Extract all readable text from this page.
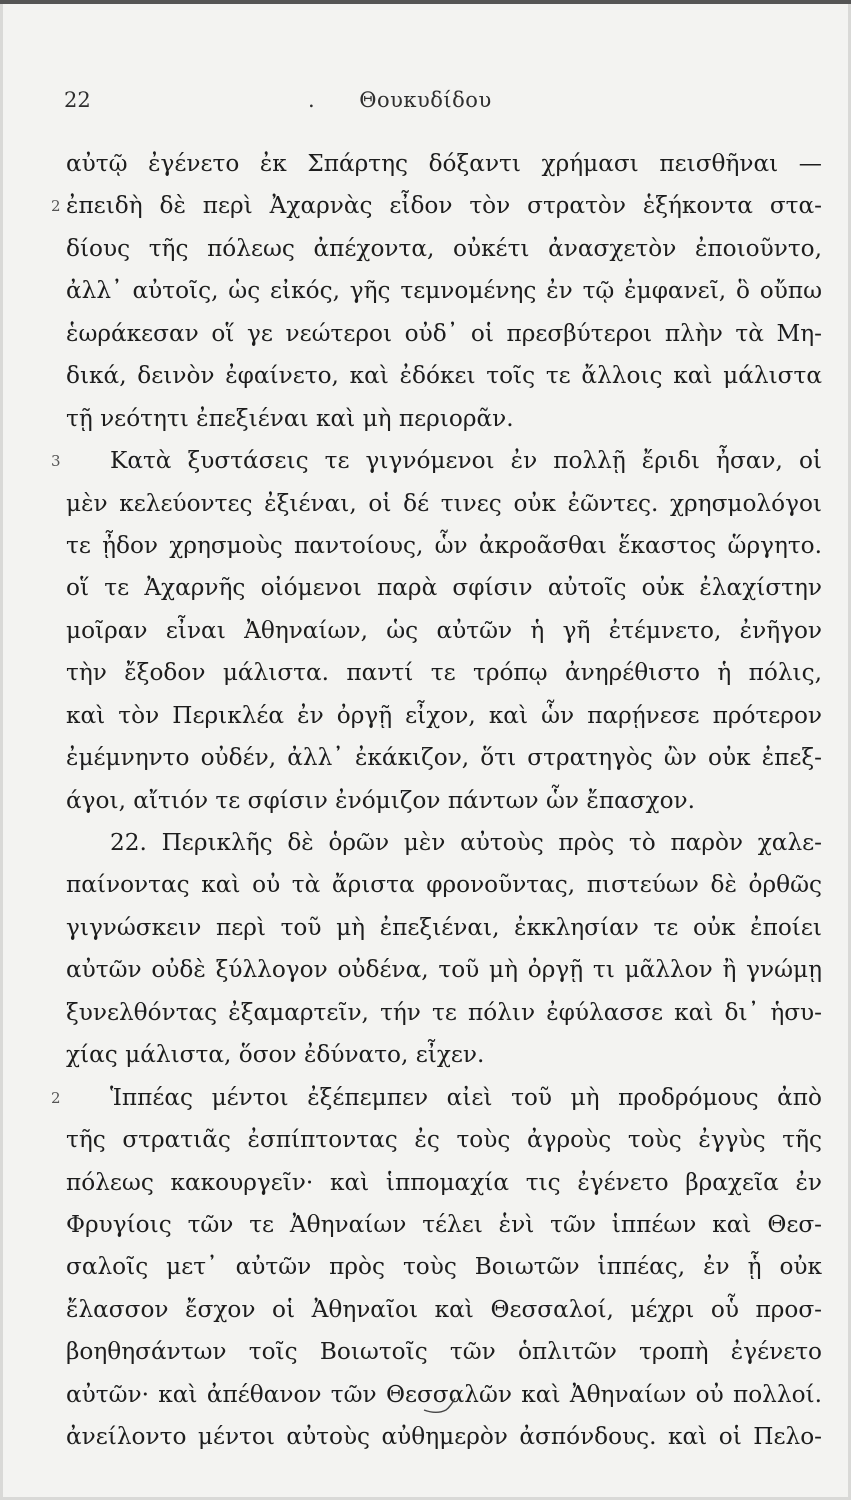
22	.	Θουκυδίδου
αὐτῷ ἐγένετο ἐκ Σπάρτης δόξαντι χρήμασι πεισθῆναι —
2 ἐπειδὴ δὲ περὶ Ἀχαρνὰς εἶδον τὸν στρατὸν ἑξήκοντα στα-
δίους τῆς πόλεως ἀπέχοντα, οὐκέτι ἀνασχετὸν ἐποιοῦντο,
ἀλλ᾽ αὐτοῖς, ὡς εἰκός, γῆς τεμνομένης ἐν τῷ ἐμφανεῖ, ὃ οὔπω
ἑωράκεσαν οἵ γε νεώτεροι οὐδ᾽ οἱ πρεσβύτεροι πλὴν τὰ Μη-
δικά, δεινὸν ἐφαίνετο, καὶ ἐδόκει τοῖς τε ἄλλοις καὶ μάλιστα
τῇ νεότητι ἐπεξιέναι καὶ μὴ περιορᾶν.
3 Κατὰ ξυστάσεις τε γιγνόμενοι ἐν πολλῇ ἔριδι ἦσαν, οἱ
μὲν κελεύοντες ἐξιέναι, οἱ δέ τινες οὐκ ἐῶντες. χρησμολόγοι
τε ᾖδον χρησμοὺς παντοίους, ὧν ἀκροᾶσθαι ἕκαστος ὥργητο.
οἵ τε Ἀχαρνῆς οἰόμενοι παρὰ σφίσιν αὐτοῖς οὐκ ἐλαχίστην
μοῖραν εἶναι Ἀθηναίων, ὡς αὐτῶν ἡ γῆ ἐτέμνετο, ἐνῆγον
τὴν ἔξοδον μάλιστα. παντί τε τρόπῳ ἀνηρέθιστο ἡ πόλις,
καὶ τὸν Περικλέα ἐν ὀργῇ εἶχον, καὶ ὧν παρῄνεσε πρότερον
ἐμέμνηντο οὐδέν, ἀλλ᾽ ἐκάκιζον, ὅτι στρατηγὸς ὢν οὐκ ἐπεξ-
άγοι, αἴτιόν τε σφίσιν ἐνόμιζον πάντων ὧν ἔπασχον.
22. Περικλῆς δὲ ὁρῶν μὲν αὐτοὺς πρὸς τὸ παρὸν χαλε-
παίνοντας καὶ οὐ τὰ ἄριστα φρονοῦντας, πιστεύων δὲ ὀρθῶς
γιγνώσκειν περὶ τοῦ μὴ ἐπεξιέναι, ἐκκλησίαν τε οὐκ ἐποίει
αὐτῶν οὐδὲ ξύλλογον οὐδένα, τοῦ μὴ ὀργῇ τι μᾶλλον ἢ γνώμῃ
ξυνελθόντας ἐξαμαρτεῖν, τήν τε πόλιν ἐφύλασσε καὶ δι᾽ ἡσυ-
χίας μάλιστα, ὅσον ἐδύνατο, εἶχεν.
2 Ἱππέας μέντοι ἐξέπεμπεν αἰεὶ τοῦ μὴ προδρόμους ἀπὸ
τῆς στρατιᾶς ἐσπίπτοντας ἐς τοὺς ἀγροὺς τοὺς ἐγγὺς τῆς
πόλεως κακουργεῖν· καὶ ἱππομαχία τις ἐγένετο βραχεῖα ἐν
Φρυγίοις τῶν τε Ἀθηναίων τέλει ἑνὶ τῶν ἱππέων καὶ Θεσ-
σαλοῖς μετ᾽ αὐτῶν πρὸς τοὺς Βοιωτῶν ἱππέας, ἐν ᾗ οὐκ
ἔλασσον ἔσχον οἱ Ἀθηναῖοι καὶ Θεσσαλοί, μέχρι οὗ προσ-
βοηθησάντων τοῖς Βοιωτοῖς τῶν ὁπλιτῶν τροπὴ ἐγένετο
αὐτῶν· καὶ ἀπέθανον τῶν Θεσσαλῶν καὶ Ἀθηναίων οὐ πολλοί.
ἀνείλοντο μέντοι αὐτοὺς αὐθημερὸν ἀσπόνδους. καὶ οἱ Πελο-
